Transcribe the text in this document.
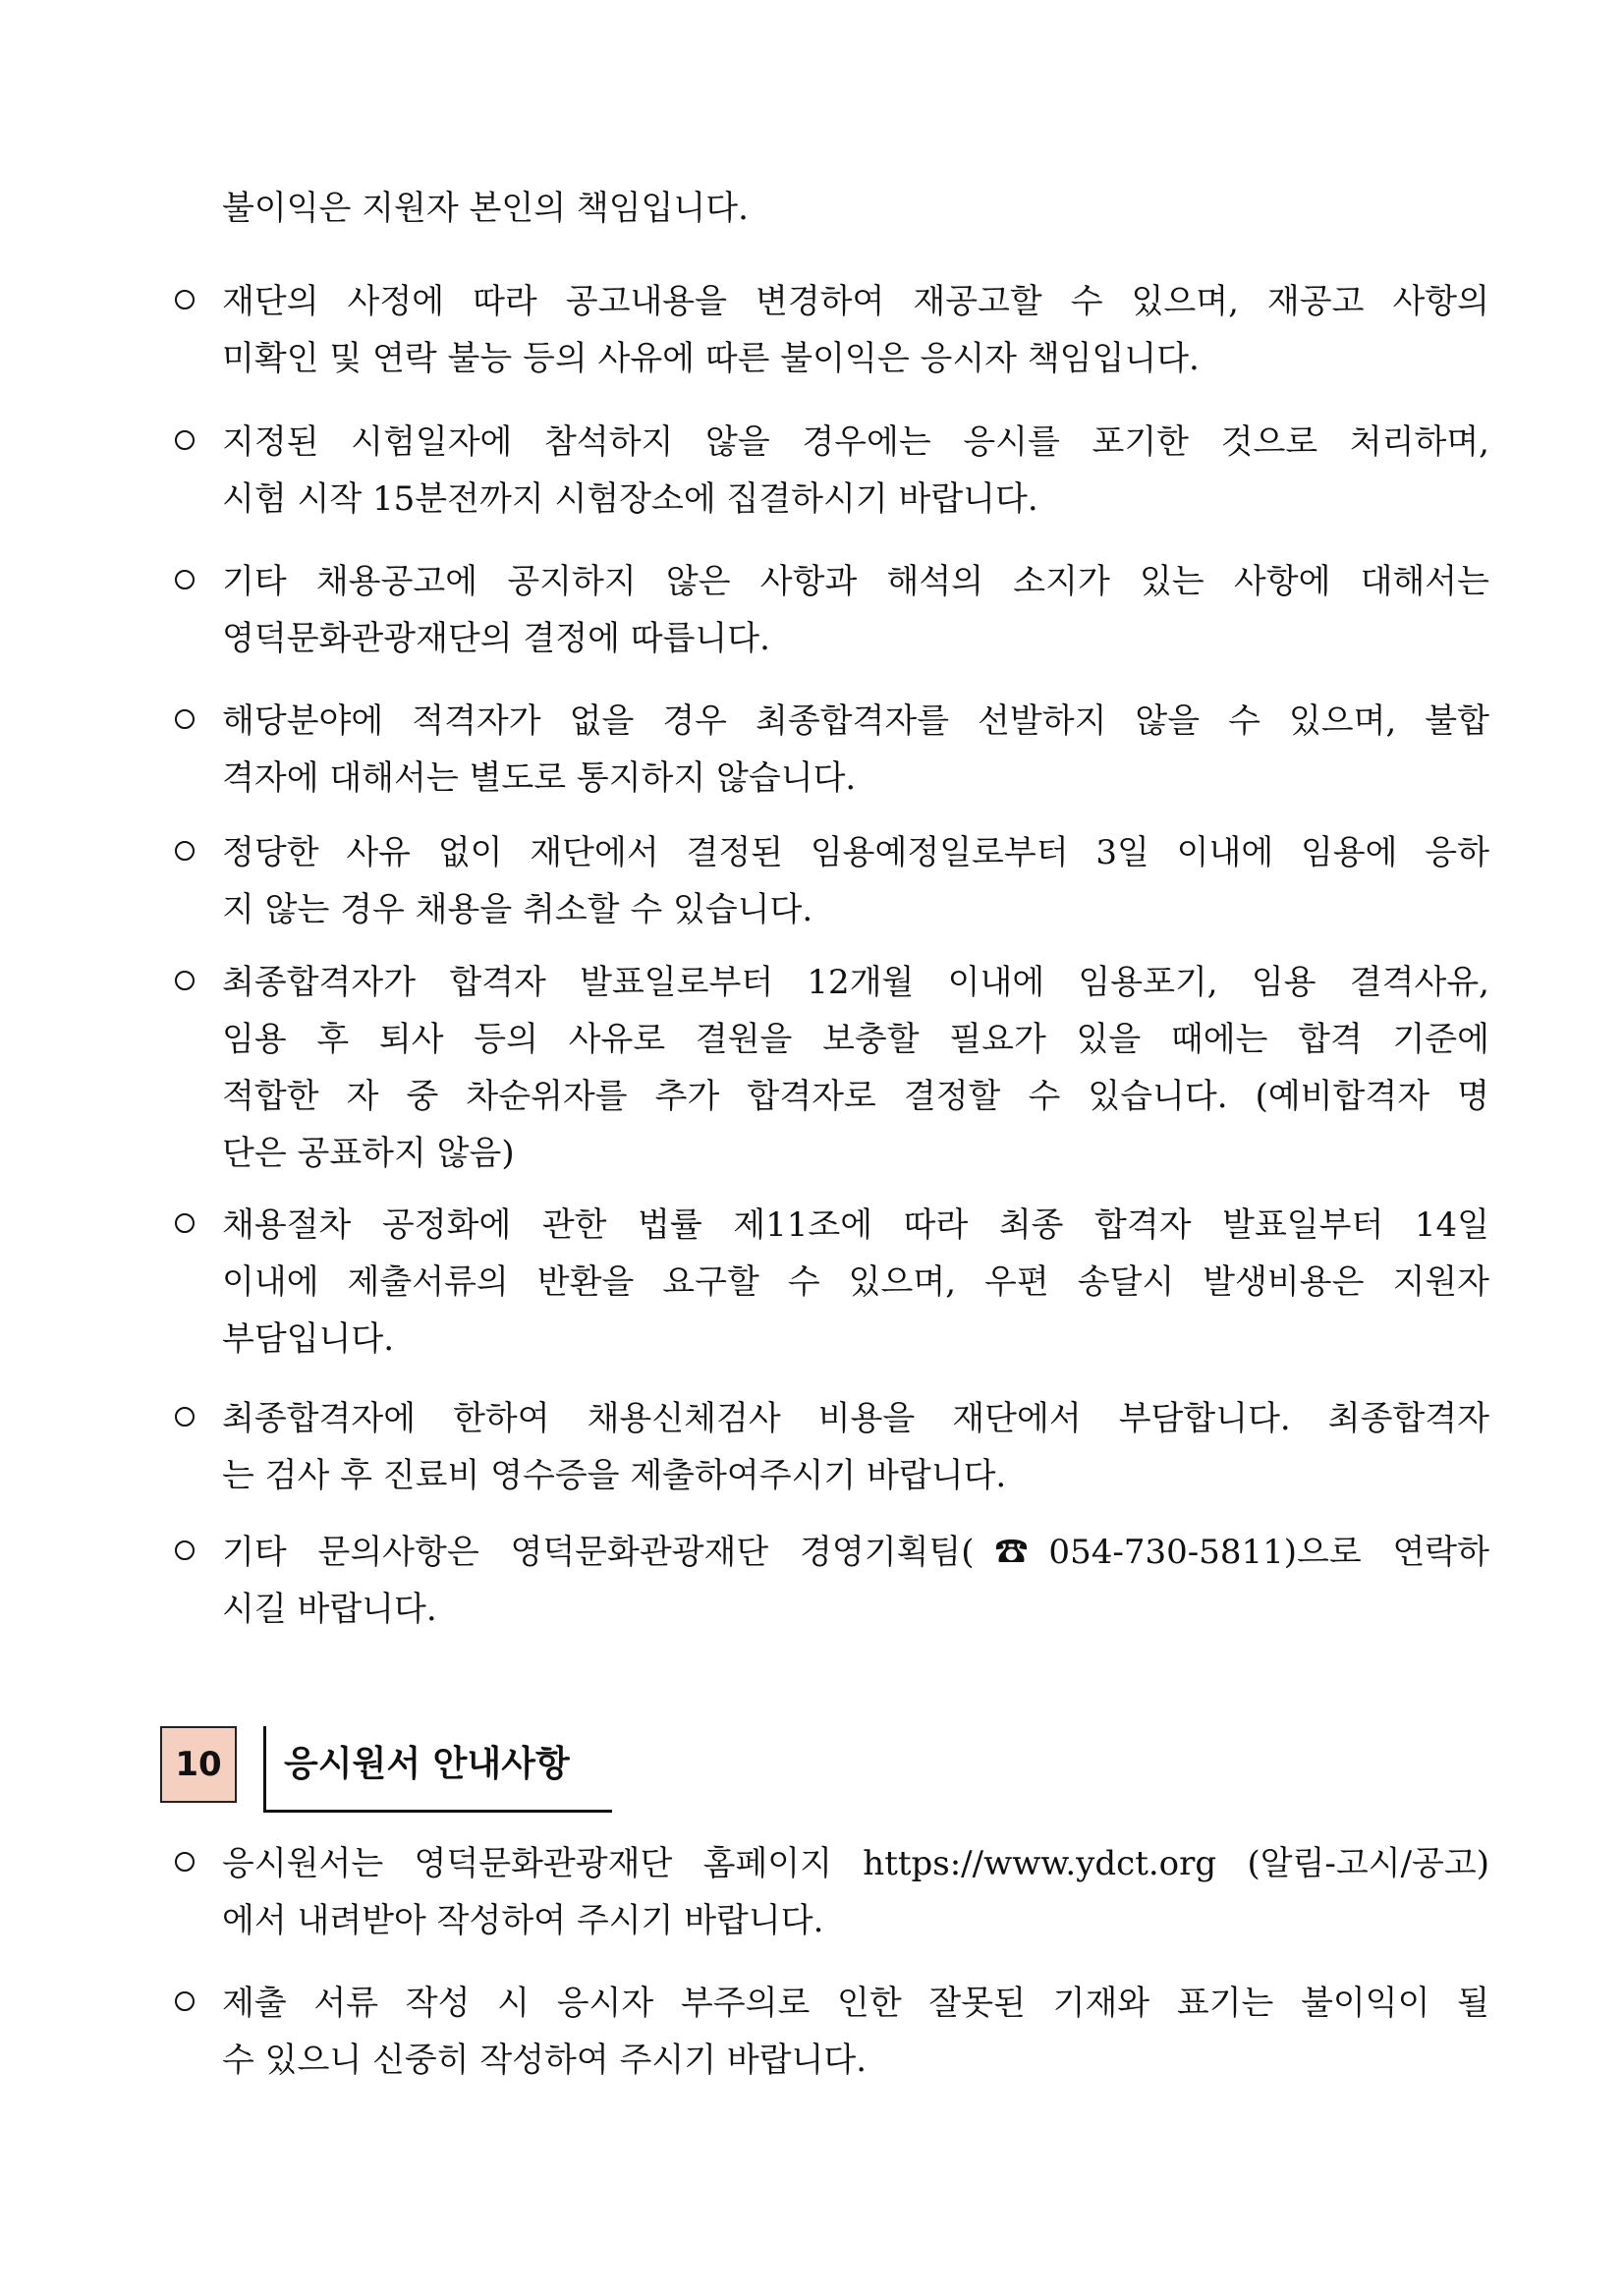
불이익은 지원자 본인의 책임입니다.
재단의 사정에 따라 공고내용을 변경하여 재공고할 수 있으며, 재공고 사항의
미확인 및 연락 불능 등의 사유에 따른 불이익은 응시자 책임입니다.
지정된 시험일자에 참석하지 않을 경우에는 응시를 포기한 것으로 처리하며,
시험 시작 15분전까지 시험장소에 집결하시기 바랍니다.
기타 채용공고에 공지하지 않은 사항과 해석의 소지가 있는 사항에 대해서는
영덕문화관광재단의 결정에 따릅니다.
해당분야에 적격자가 없을 경우 최종합격자를 선발하지 않을 수 있으며, 불합
격자에 대해서는 별도로 통지하지 않습니다.
정당한 사유 없이 재단에서 결정된 임용예정일로부터 3일 이내에 임용에 응하
지 않는 경우 채용을 취소할 수 있습니다.
최종합격자가 합격자 발표일로부터 12개월 이내에 임용포기, 임용 결격사유,
임용 후 퇴사 등의 사유로 결원을 보충할 필요가 있을 때에는 합격 기준에
적합한 자 중 차순위자를 추가 합격자로 결정할 수 있습니다. (예비합격자 명
단은 공표하지 않음)
채용절차 공정화에 관한 법률 제11조에 따라 최종 합격자 발표일부터 14일
이내에 제출서류의 반환을 요구할 수 있으며, 우편 송달시 발생비용은 지원자
부담입니다.
최종합격자에 한하여 채용신체검사 비용을 재단에서 부담합니다. 최종합격자
는 검사 후 진료비 영수증을 제출하여주시기 바랍니다.
기타 문의사항은 영덕문화관광재단 경영기획팀(☎054-730-5811)으로 연락하
시길 바랍니다.
10	응시원서 안내사항
응시원서는 영덕문화관광재단 홈페이지 https://www.ydct.org (알림-고시/공고)
에서 내려받아 작성하여 주시기 바랍니다.
제출 서류 작성 시 응시자 부주의로 인한 잘못된 기재와 표기는 불이익이 될
수 있으니 신중히 작성하여 주시기 바랍니다.
